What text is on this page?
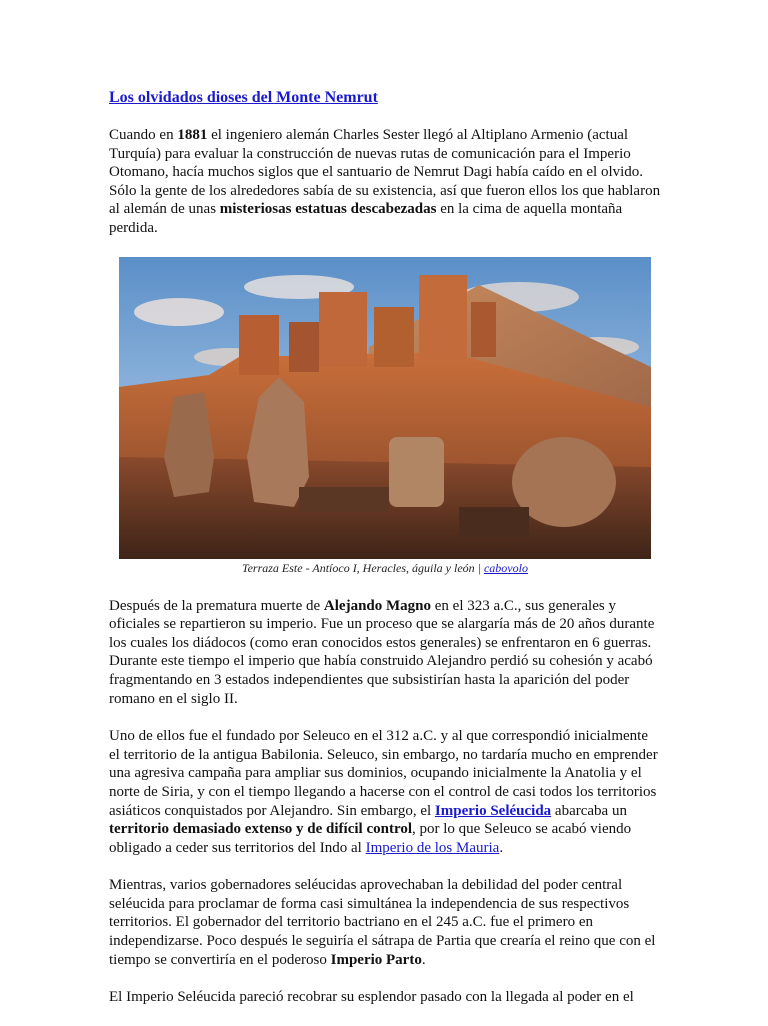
Los olvidados dioses del Monte Nemrut

Cuando en 1881 el ingeniero alemán Charles Sester llegó al Altiplano Armenio (actual Turquía) para evaluar la construcción de nuevas rutas de comunicación para el Imperio Otomano, hacía muchos siglos que el santuario de Nemrut Dagi había caído en el olvido. Sólo la gente de los alrededores sabía de su existencia, así que fueron ellos los que hablaron al alemán de unas misteriosas estatuas descabezadas en la cima de aquella montaña perdida.

Terraza Este - Antíoco I, Heracles, águila y león | cabovolo

Después de la prematura muerte de Alejando Magno en el 323 a.C., sus generales y oficiales se repartieron su imperio. Fue un proceso que se alargaría más de 20 años durante los cuales los diádocos (como eran conocidos estos generales) se enfrentaron en 6 guerras. Durante este tiempo el imperio que había construido Alejandro perdió su cohesión y acabó fragmentando en 3 estados independientes que subsistirían hasta la aparición del poder romano en el siglo II.

Uno de ellos fue el fundado por Seleuco en el 312 a.C. y al que correspondió inicialmente el territorio de la antigua Babilonia. Seleuco, sin embargo, no tardaría mucho en emprender una agresiva campaña para ampliar sus dominios, ocupando inicialmente la Anatolia y el norte de Siria, y con el tiempo llegando a hacerse con el control de casi todos los territorios asiáticos conquistados por Alejandro. Sin embargo, el Imperio Seléucida abarcaba un territorio demasiado extenso y de difícil control, por lo que Seleuco se acabó viendo obligado a ceder sus territorios del Indo al Imperio de los Mauria.

Mientras, varios gobernadores seléucidas aprovechaban la debilidad del poder central seléucida para proclamar de forma casi simultánea la independencia de sus respectivos territorios. El gobernador del territorio bactriano en el 245 a.C. fue el primero en independizarse. Poco después le seguiría el sátrapa de Partia que crearía el reino que con el tiempo se convertiría en el poderoso Imperio Parto.

El Imperio Seléucida pareció recobrar su esplendor pasado con la llegada al poder en el
